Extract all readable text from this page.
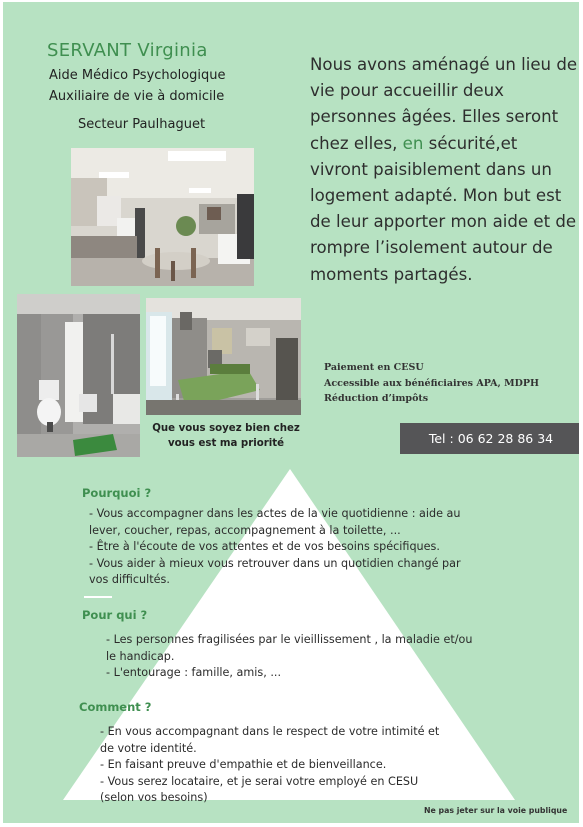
SERVANT Virginia
Aide Médico Psychologique
Auxiliaire de vie à domicile
Secteur Paulhaguet
Nous avons aménagé un lieu de vie pour accueillir deux personnes âgées. Elles seront chez elles, en sécurité,et vivront paisiblement dans un logement adapté. Mon but est de leur apporter mon aide et de rompre l’isolement autour de moments partagés.
Paiement en CESU
Accessible aux bénéficiaires APA, MDPH
Réduction d’impôts
Que vous soyez bien chez vous est ma priorité	Tel : 06 62 28 86 34
Pourquoi ?

- Vous accompagner dans les actes de la vie quotidienne : aide au

lever, coucher, repas, accompagnement à la toilette, ...

- Être à l'écoute de vos attentes et de vos besoins spécifiques.

- Vous aider à mieux vous retrouver dans un quotidien changé par

vos difficultés.

Pour qui ?

- Les personnes fragilisées par le vieillissement , la maladie et/ou

le handicap.

- L'entourage : famille, amis, ...

Comment ?

- En vous accompagnant dans le respect de votre intimité et

de votre identité.

- En faisant preuve d'empathie et de bienveillance.

- Vous serez locataire, et je serai votre employé en CESU

(selon vos besoins)

Ne pas jeter sur la voie publique
